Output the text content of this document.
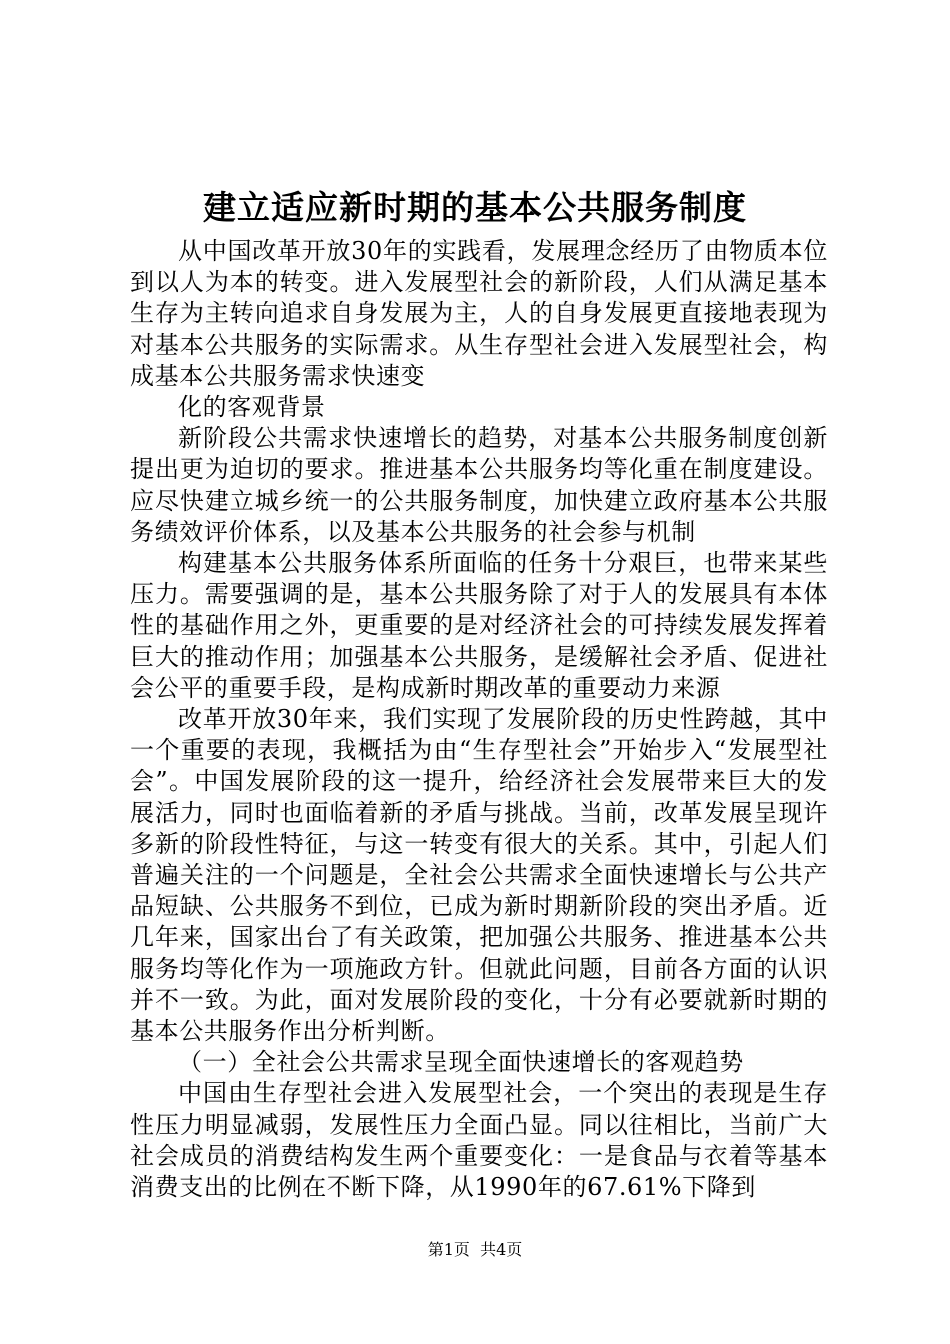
建立适应新时期的基本公共服务制度

从中国改革开放30年的实践看，发展理念经历了由物质本位到以人为本的转变。进入发展型社会的新阶段，人们从满足基本生存为主转向追求自身发展为主，人的自身发展更直接地表现为对基本公共服务的实际需求。从生存型社会进入发展型社会，构成基本公共服务需求快速变

化的客观背景

新阶段公共需求快速增长的趋势，对基本公共服务制度创新提出更为迫切的要求。推进基本公共服务均等化重在制度建设。应尽快建立城乡统一的公共服务制度，加快建立政府基本公共服务绩效评价体系，以及基本公共服务的社会参与机制

构建基本公共服务体系所面临的任务十分艰巨，也带来某些压力。需要强调的是，基本公共服务除了对于人的发展具有本体性的基础作用之外，更重要的是对经济社会的可持续发展发挥着巨大的推动作用；加强基本公共服务，是缓解社会矛盾、促进社会公平的重要手段，是构成新时期改革的重要动力来源

改革开放30年来，我们实现了发展阶段的历史性跨越，其中一个重要的表现，我概括为由“生存型社会”开始步入“发展型社会”。中国发展阶段的这一提升，给经济社会发展带来巨大的发展活力，同时也面临着新的矛盾与挑战。当前，改革发展呈现许多新的阶段性特征，与这一转变有很大的关系。其中，引起人们普遍关注的一个问题是，全社会公共需求全面快速增长与公共产品短缺、公共服务不到位，已成为新时期新阶段的突出矛盾。近几年来，国家出台了有关政策，把加强公共服务、推进基本公共服务均等化作为一项施政方针。但就此问题，目前各方面的认识并不一致。为此，面对发展阶段的变化，十分有必要就新时期的基本公共服务作出分析判断。

（一）全社会公共需求呈现全面快速增长的客观趋势

中国由生存型社会进入发展型社会，一个突出的表现是生存性压力明显减弱，发展性压力全面凸显。同以往相比，当前广大社会成员的消费结构发生两个重要变化：一是食品与衣着等基本消费支出的比例在不断下降，从1990年的67.61%下降到

第1页 共4页
